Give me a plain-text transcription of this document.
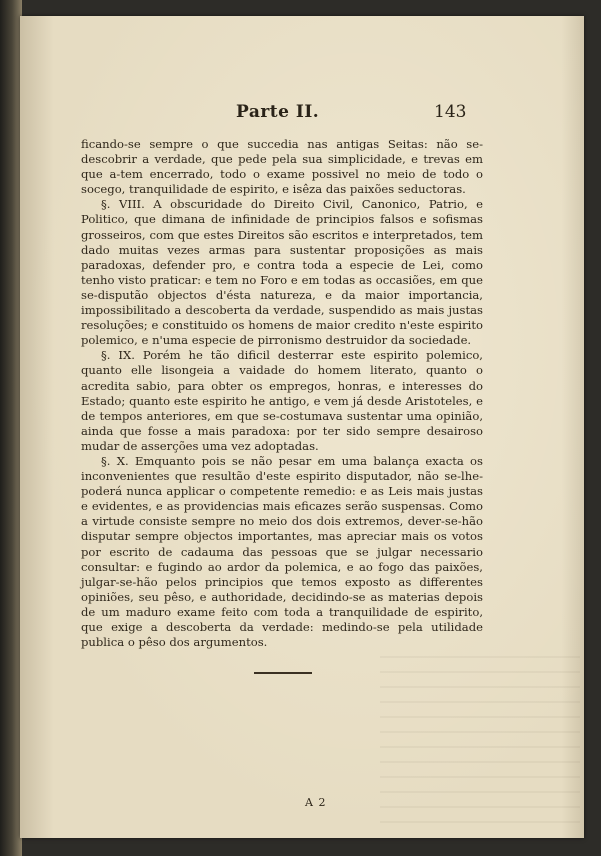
Parte II.	143

ficando-se sempre o que succedia nas antigas Seitas: não se-descobrir a verdade, que pede pela sua simplicidade, e trevas em que a-tem encerrado, todo o exame possivel no meio de todo o socego, tranquilidade de espirito, e isêza das paixões seductoras.

§. VIII. A obscuridade do Direito Civil, Canonico, Patrio, e Politico, que dimana de infinidade de principios falsos e sofismas grosseiros, com que estes Direitos são escritos e interpretados, tem dado muitas vezes armas para sustentar proposições as mais paradoxas, defender pro, e contra toda a especie de Lei, como tenho visto praticar: e tem no Foro e em todas as occasiões, em que se-disputão objectos d'ésta natureza, e da maior importancia, impossibilitado a descoberta da verdade, suspendido as mais justas resoluções; e constituido os homens de maior credito n'este espirito polemico, e n'uma especie de pirronismo destruidor da sociedade.

§. IX. Porém he tão dificil desterrar este espirito polemico, quanto elle lisongeia a vaidade do homem literato, quanto o acredita sabio, para obter os empregos, honras, e interesses do Estado; quanto este espirito he antigo, e vem já desde Aristoteles, e de tempos anteriores, em que se-costumava sustentar uma opinião, ainda que fosse a mais paradoxa: por ter sido sempre desairoso mudar de asserções uma vez adoptadas.

§. X. Emquanto pois se não pesar em uma balança exacta os inconvenientes que resultão d'este espirito disputador, não se-lhe-poderá nunca applicar o competente remedio: e as Leis mais justas e evidentes, e as providencias mais eficazes serão suspensas. Como a virtude consiste sempre no meio dos dois extremos, dever-se-hão disputar sempre objectos importantes, mas apreciar mais os votos por escrito de cadauma das pessoas que se julgar necessario consultar: e fugindo ao ardor da polemica, e ao fogo das paixões, julgar-se-hão pelos principios que temos exposto as differentes opiniões, seu pêso, e authoridade, decidindo-se as materias depois de um maduro exame feito com toda a tranquilidade de espirito, que exige a descoberta da verdade: medindo-se pela utilidade publica o pêso dos argumentos.

A 2
